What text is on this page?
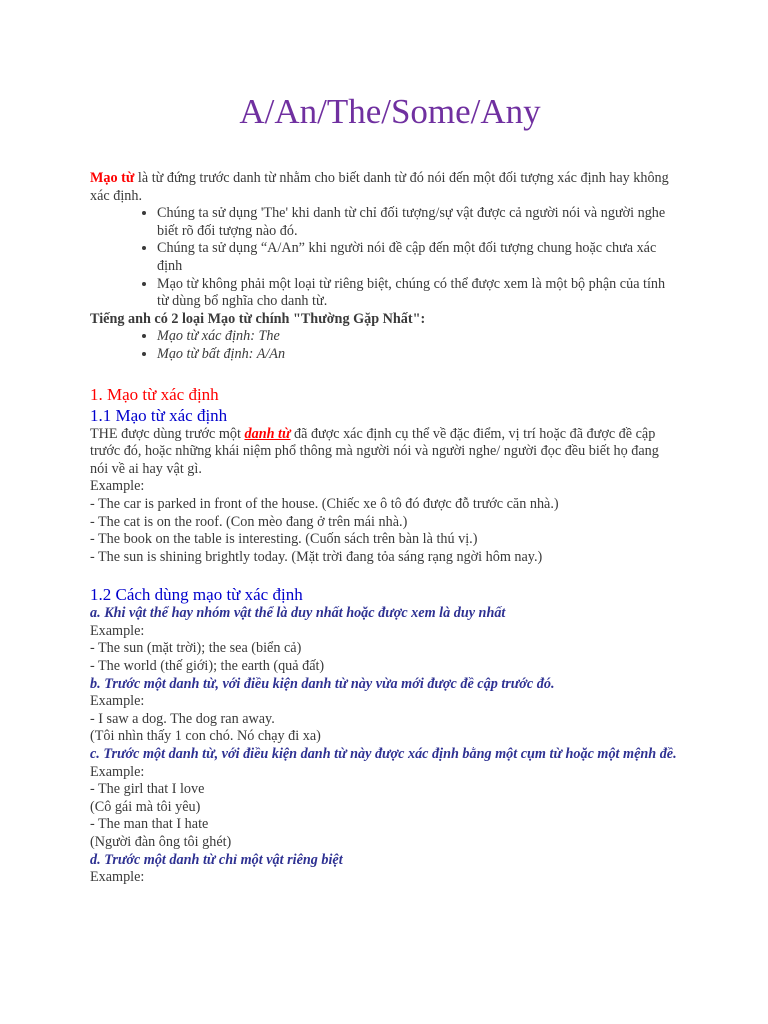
A/An/The/Some/Any

Mạo từ là từ đứng trước danh từ nhằm cho biết danh từ đó nói đến một đối tượng xác định hay không xác định.

• Chúng ta sử dụng 'The' khi danh từ chỉ đối tượng/sự vật được cả người nói và người nghe biết rõ đối tượng nào đó.
• Chúng ta sử dụng “A/An” khi người nói đề cập đến một đối tượng chung hoặc chưa xác định
• Mạo từ không phải một loại từ riêng biệt, chúng có thể được xem là một bộ phận của tính từ dùng bổ nghĩa cho danh từ.

Tiếng anh có 2 loại Mạo từ chính "Thường Gặp Nhất":

• Mạo từ xác định: The
• Mạo từ bất định: A/An
1. Mạo từ xác định
1.1 Mạo từ xác định

THE được dùng trước một danh từ đã được xác định cụ thể về đặc điểm, vị trí hoặc đã được đề cập trước đó, hoặc những khái niệm phổ thông mà người nói và người nghe/ người đọc đều biết họ đang nói về ai hay vật gì.

Example:

- The car is parked in front of the house. (Chiếc xe ô tô đó được đỗ trước căn nhà.)

- The cat is on the roof. (Con mèo đang ở trên mái nhà.)

- The book on the table is interesting. (Cuốn sách trên bàn là thú vị.)

- The sun is shining brightly today. (Mặt trời đang tỏa sáng rạng ngời hôm nay.)

1.2 Cách dùng mạo từ xác định

a. Khi vật thể hay nhóm vật thể là duy nhất hoặc được xem là duy nhất

Example:

- The sun (mặt trời); the sea (biển cả)

- The world (thế giới); the earth (quả đất)

b. Trước một danh từ, với điều kiện danh từ này vừa mới được đề cập trước đó.

Example:

- I saw a dog. The dog ran away.

(Tôi nhìn thấy 1 con chó. Nó chạy đi xa)

c. Trước một danh từ, với điều kiện danh từ này được xác định bằng một cụm từ hoặc một mệnh đề.

Example:

- The girl that I love

(Cô gái mà tôi yêu)

- The man that I hate

(Người đàn ông tôi ghét)

d. Trước một danh từ chỉ một vật riêng biệt

Example:
